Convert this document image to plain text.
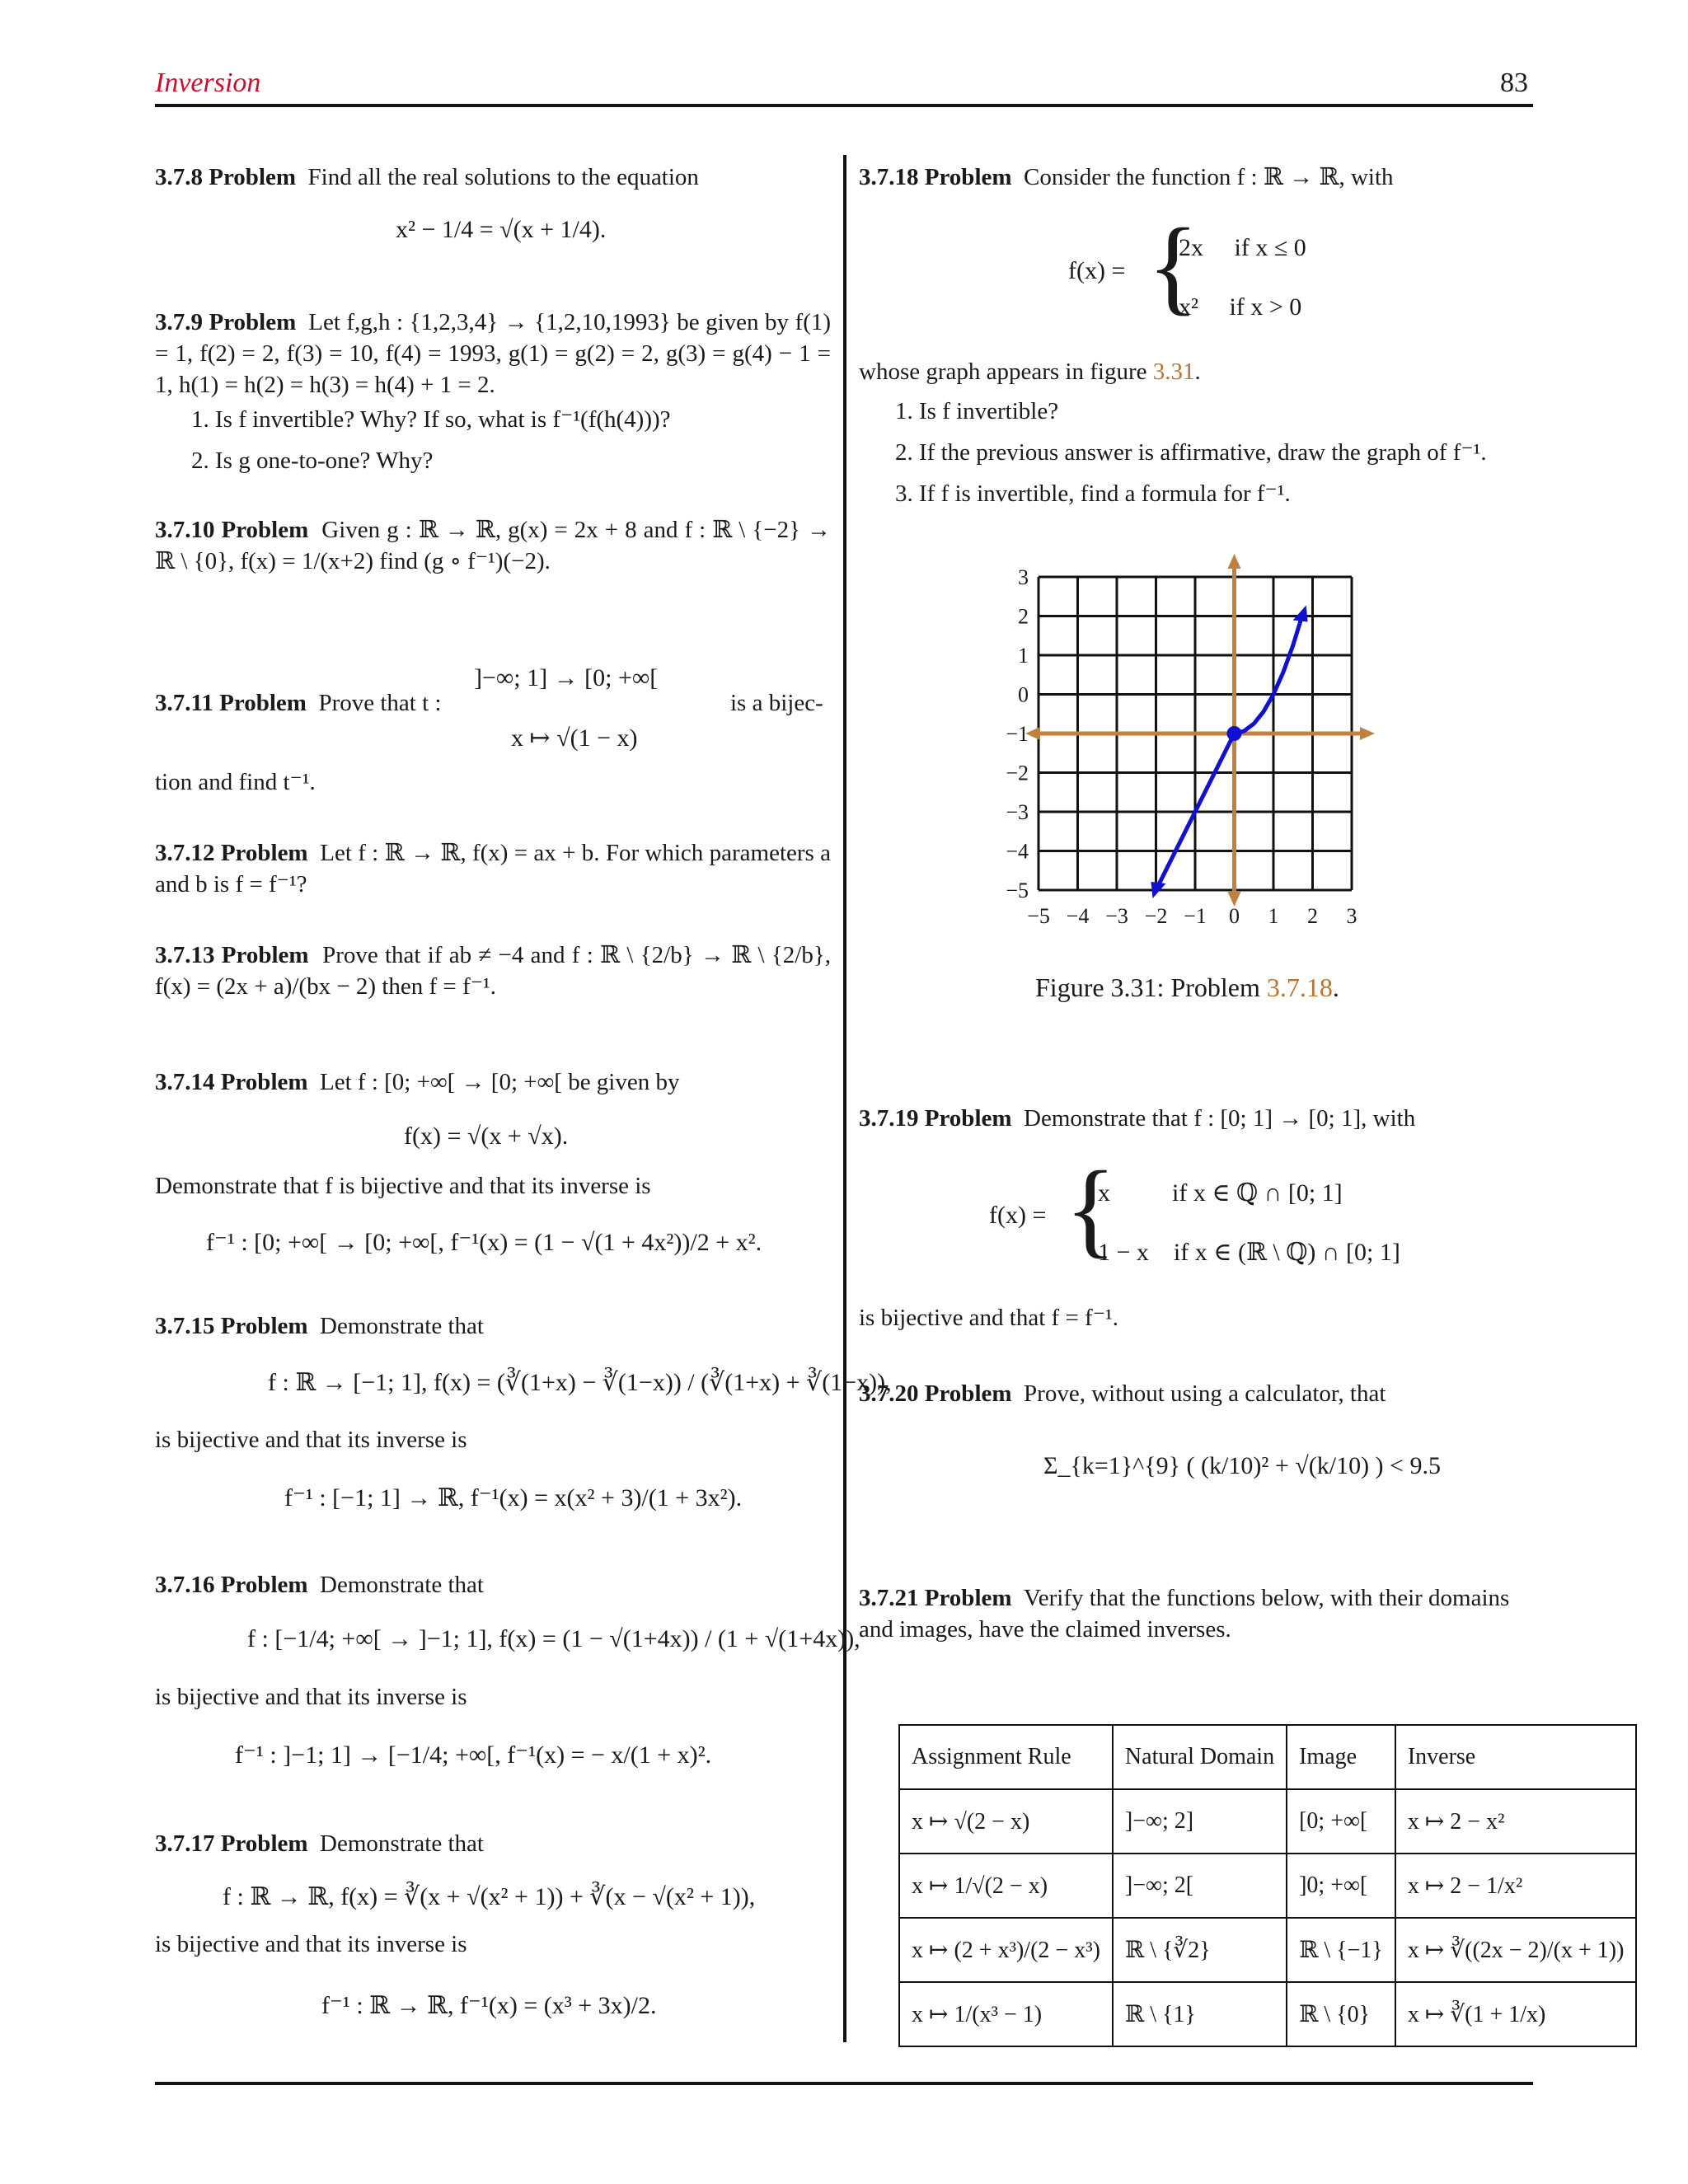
Inversion	83
3.7.8 Problem Find all the real solutions to the equation
x² − 1/4 = √(x + 1/4).
3.7.9 Problem Let f,g,h : {1,2,3,4} → {1,2,10,1993} be given by f(1) = 1, f(2) = 2, f(3) = 10, f(4) = 1993, g(1) = g(2) = 2, g(3) = g(4) − 1 = 1, h(1) = h(2) = h(3) = h(4) + 1 = 2.
1. Is f invertible? Why? If so, what is f⁻¹(f(h(4)))?
2. Is g one-to-one? Why?
3.7.10 Problem Given g : ℝ → ℝ, g(x) = 2x + 8 and f : ℝ \ {−2} → ℝ \ {0}, f(x) = 1/(x+2) find (g ∘ f⁻¹)(−2).
3.7.11 Problem Prove that t :
]−∞; 1] → [0; +∞[
x ↦ √(1 − x)
is a bijec-
tion and find t⁻¹.
3.7.12 Problem Let f : ℝ → ℝ, f(x) = ax + b. For which parameters a and b is f = f⁻¹?
3.7.13 Problem Prove that if ab ≠ −4 and f : ℝ \ {2/b} → ℝ \ {2/b}, f(x) = (2x + a)/(bx − 2) then f = f⁻¹.
3.7.14 Problem Let f : [0; +∞[ → [0; +∞[ be given by
f(x) = √(x + √x).
Demonstrate that f is bijective and that its inverse is
f⁻¹ : [0; +∞[ → [0; +∞[, f⁻¹(x) = (1 − √(1 + 4x²))/2 + x².
3.7.15 Problem Demonstrate that
f : ℝ → [−1; 1], f(x) = (∛(1+x) − ∛(1−x)) / (∛(1+x) + ∛(1−x)),
is bijective and that its inverse is
f⁻¹ : [−1; 1] → ℝ, f⁻¹(x) = x(x² + 3)/(1 + 3x²).
3.7.16 Problem Demonstrate that
f : [−1/4; +∞[ → ]−1; 1], f(x) = (1 − √(1+4x)) / (1 + √(1+4x)),
is bijective and that its inverse is
f⁻¹ : ]−1; 1] → [−1/4; +∞[, f⁻¹(x) = − x/(1 + x)².
3.7.17 Problem Demonstrate that
f : ℝ → ℝ, f(x) = ∛(x + √(x² + 1)) + ∛(x − √(x² + 1)),
is bijective and that its inverse is
f⁻¹ : ℝ → ℝ, f⁻¹(x) = (x³ + 3x)/2.
3.7.18 Problem Consider the function f : ℝ → ℝ, with
f(x) = {
2x     if x ≤ 0
x²     if x > 0
whose graph appears in figure 3.31.
1. Is f invertible?
2. If the previous answer is affirmative, draw the graph of f⁻¹.
3. If f is invertible, find a formula for f⁻¹.
3
2
1
0
−1
−2
−3
−4
−5
−5 −4 −3 −2 −1 0 1 2 3
Figure 3.31: Problem 3.7.18.
3.7.19 Problem Demonstrate that f : [0; 1] → [0; 1], with
f(x) = {
x          if x ∈ ℚ ∩ [0; 1]
1 − x    if x ∈ (ℝ \ ℚ) ∩ [0; 1]
is bijective and that f = f⁻¹.
3.7.20 Problem Prove, without using a calculator, that
Σ_{k=1}^{9} ( (k/10)² + √(k/10) ) < 9.5
3.7.21 Problem Verify that the functions below, with their domains and images, have the claimed inverses.
Assignment Rule	Natural Domain	Image	Inverse
x ↦ √(2 − x)	]−∞; 2]	[0; +∞[	x ↦ 2 − x²
x ↦ 1/√(2 − x)	]−∞; 2[	]0; +∞[	x ↦ 2 − 1/x²
x ↦ (2 + x³)/(2 − x³)	ℝ \ {∛2}	ℝ \ {−1}	x ↦ ∛((2x − 2)/(x + 1))
x ↦ 1/(x³ − 1)	ℝ \ {1}	ℝ \ {0}	x ↦ ∛(1 + 1/x)
